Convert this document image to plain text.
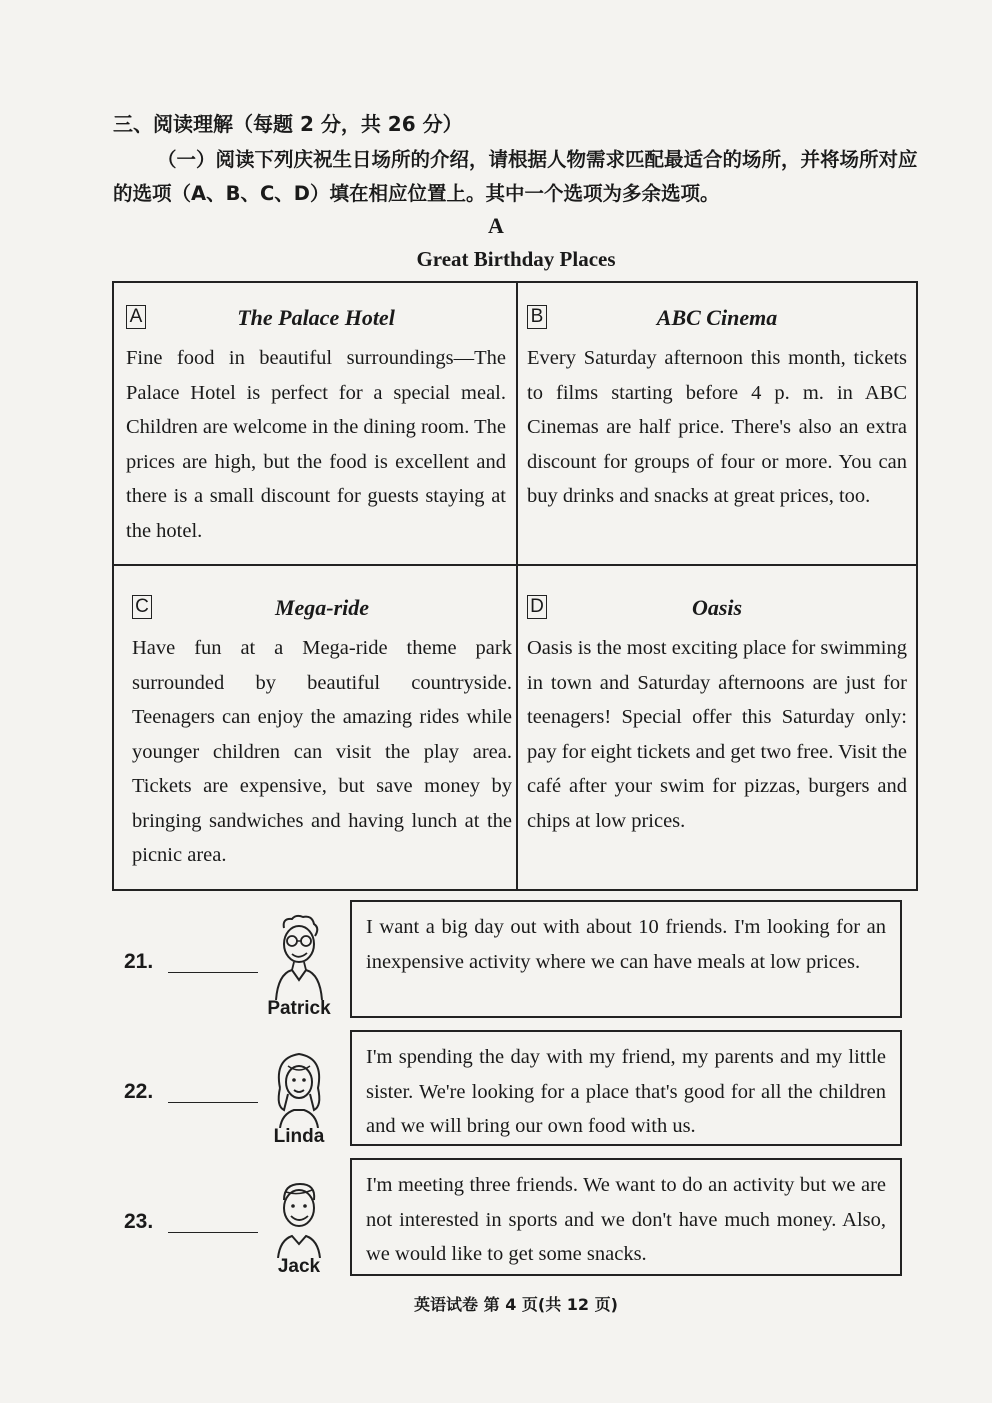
三、阅读理解（每题 2 分，共 26 分）
（一）阅读下列庆祝生日场所的介绍，请根据人物需求匹配最适合的场所，并将场所对应的选项（A、B、C、D）填在相应位置上。其中一个选项为多余选项。
A
Great Birthday Places
A	The Palace Hotel
Fine food in beautiful surroundings—The Palace Hotel is perfect for a special meal. Children are welcome in the dining room. The prices are high, but the food is excellent and there is a small discount for guests staying at the hotel.
B	ABC Cinema
Every Saturday afternoon this month, tickets to films starting before 4 p. m. in ABC Cinemas are half price. There's also an extra discount for groups of four or more. You can buy drinks and snacks at great prices, too.
C	Mega-ride
Have fun at a Mega-ride theme park surrounded by beautiful countryside. Teenagers can enjoy the amazing rides while younger children can visit the play area. Tickets are expensive, but save money by bringing sandwiches and having lunch at the picnic area.
D	Oasis
Oasis is the most exciting place for swimming in town and Saturday afternoons are just for teenagers! Special offer this Saturday only: pay for eight tickets and get two free. Visit the café after your swim for pizzas, burgers and chips at low prices.
21.
Patrick
I want a big day out with about 10 friends. I'm looking for an inexpensive activity where we can have meals at low prices.
22.
Linda
I'm spending the day with my friend, my parents and my little sister. We're looking for a place that's good for all the children and we will bring our own food with us.
23.
Jack
I'm meeting three friends. We want to do an activity but we are not interested in sports and we don't have much money. Also, we would like to get some snacks.
英语试卷 第 4 页(共 12 页)
